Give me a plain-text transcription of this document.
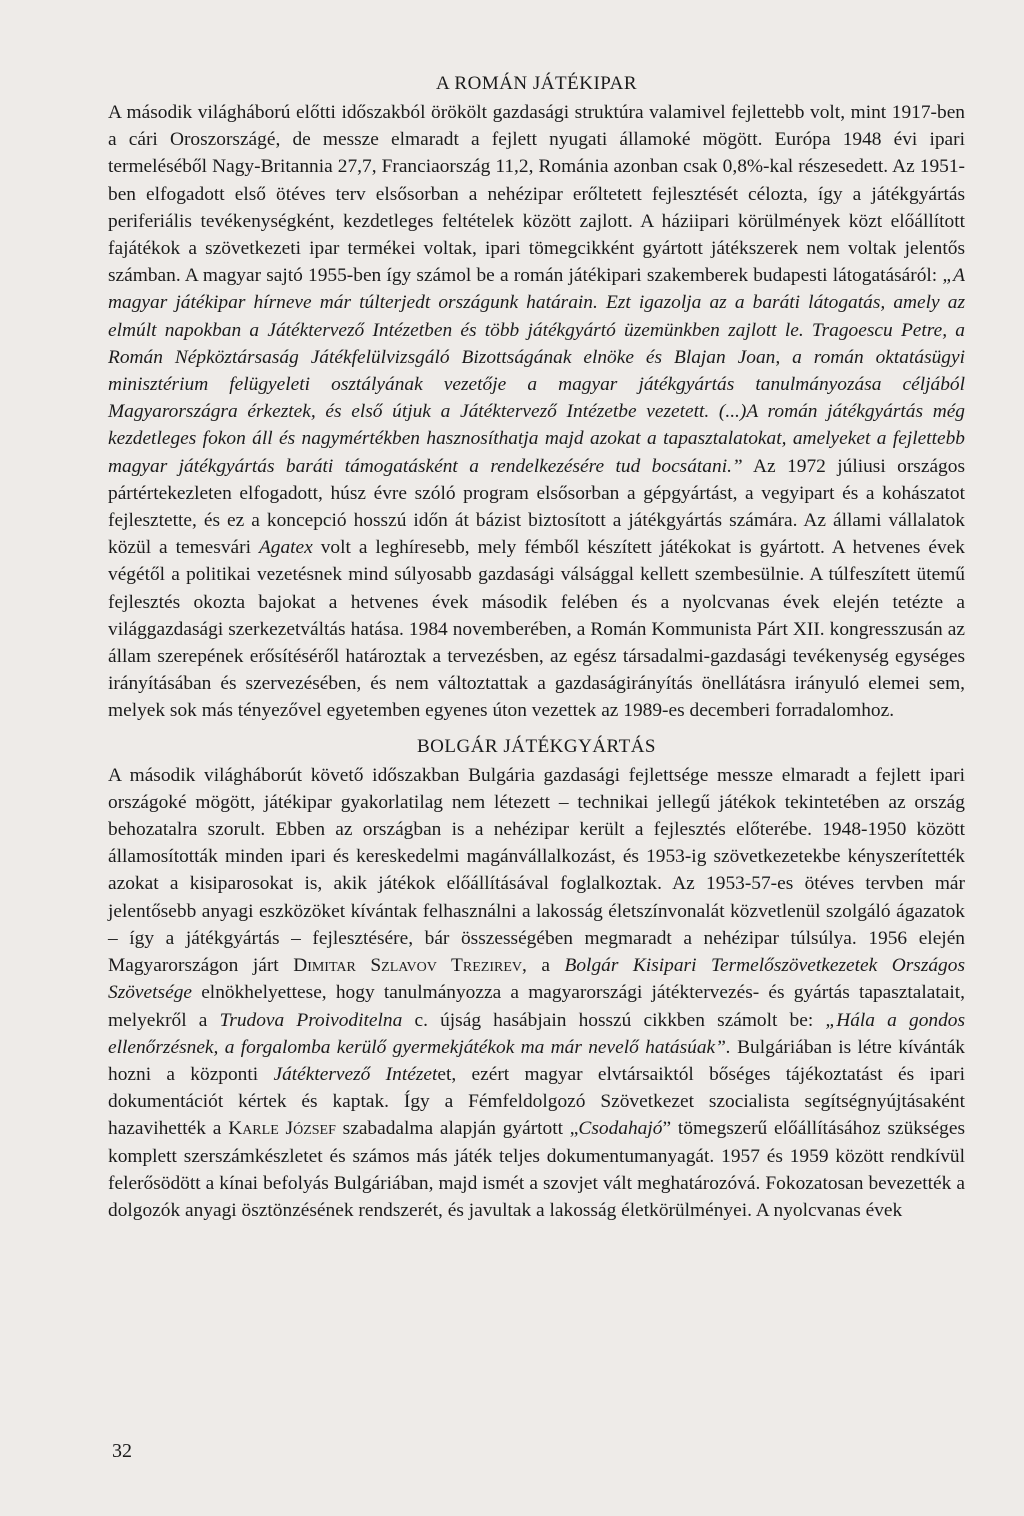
A ROMÁN JÁTÉKIPAR

A második világháború előtti időszakból örökölt gazdasági struktúra valamivel fejlettebb volt, mint 1917-ben a cári Oroszországé, de messze elmaradt a fejlett nyugati államoké mögött. Európa 1948 évi ipari termeléséből Nagy-Britannia 27,7, Franciaország 11,2, Románia azonban csak 0,8%-kal részesedett. Az 1951-ben elfogadott első ötéves terv elsősorban a nehézipar erőltetett fejlesztését célozta, így a játékgyártás periferiális tevékenységként, kezdetleges feltételek között zajlott. A háziipari körülmények közt előállított fajátékok a szövetkezeti ipar termékei voltak, ipari tömegcikként gyártott játékszerek nem voltak jelentős számban. A magyar sajtó 1955-ben így számol be a román játékipari szakemberek budapesti látogatásáról: „A magyar játékipar hírneve már túlterjedt országunk határain. Ezt igazolja az a baráti látogatás, amely az elmúlt napokban a Játéktervező Intézetben és több játékgyártó üzemünkben zajlott le. Tragoescu Petre, a Román Népköztársaság Játékfelülvizsgáló Bizottságának elnöke és Blajan Joan, a román oktatásügyi minisztérium felügyeleti osztályának vezetője a magyar játékgyártás tanulmányozása céljából Magyarországra érkeztek, és első útjuk a Játéktervező Intézetbe vezetett. (...)A román játékgyártás még kezdetleges fokon áll és nagymértékben hasznosíthatja majd azokat a tapasztalatokat, amelyeket a fejlettebb magyar játékgyártás baráti támogatásként a rendelkezésére tud bocsátani.” Az 1972 júliusi országos pártértekezleten elfogadott, húsz évre szóló program elsősorban a gépgyártást, a vegyipart és a kohászatot fejlesztette, és ez a koncepció hosszú időn át bázist biztosított a játékgyártás számára. Az állami vállalatok közül a temesvári Agatex volt a leghíresebb, mely fémből készített játékokat is gyártott. A hetvenes évek végétől a politikai vezetésnek mind súlyosabb gazdasági válsággal kellett szembesülnie. A túlfeszített ütemű fejlesztés okozta bajokat a hetvenes évek második felében és a nyolcvanas évek elején tetézte a világgazdasági szerkezetváltás hatása. 1984 novemberében, a Román Kommunista Párt XII. kongresszusán az állam szerepének erősítéséről határoztak a tervezésben, az egész társadalmi-gazdasági tevékenység egységes irányításában és szervezésében, és nem változtattak a gazdaságirányítás önellátásra irányuló elemei sem, melyek sok más tényezővel egyetemben egyenes úton vezettek az 1989-es decemberi forradalomhoz.

BOLGÁR JÁTÉKGYÁRTÁS

A második világháborút követő időszakban Bulgária gazdasági fejlettsége messze elmaradt a fejlett ipari országoké mögött, játékipar gyakorlatilag nem létezett – technikai jellegű játékok tekintetében az ország behozatalra szorult. Ebben az országban is a nehézipar került a fejlesztés előterébe. 1948-1950 között államosították minden ipari és kereskedelmi magánvállalkozást, és 1953-ig szövetkezetekbe kényszerítették azokat a kisiparosokat is, akik játékok előállításával foglalkoztak. Az 1953-57-es ötéves tervben már jelentősebb anyagi eszközöket kívántak felhasználni a lakosság életszínvonalát közvetlenül szolgáló ágazatok – így a játékgyártás – fejlesztésére, bár összességében megmaradt a nehézipar túlsúlya. 1956 elején Magyarországon járt Dimitar Szlavov Trezirev, a Bolgár Kisipari Termelőszövetkezetek Országos Szövetsége elnökhelyettese, hogy tanulmányozza a magyarországi játéktervezés- és gyártás tapasztalatait, melyekről a Trudova Proivoditelna c. újság hasábjain hosszú cikkben számolt be: „Hála a gondos ellenőrzésnek, a forgalomba kerülő gyermekjátékok ma már nevelő hatásúak”. Bulgáriában is létre kívánták hozni a központi Játéktervező Intézetet, ezért magyar elvtársaiktól bőséges tájékoztatást és ipari dokumentációt kértek és kaptak. Így a Fémfeldolgozó Szövetkezet szocialista segítségnyújtásaként hazavihették a Karle József szabadalma alapján gyártott „Csodahajó” tömegszerű előállításához szükséges komplett szerszámkészletet és számos más játék teljes dokumentumanyagát. 1957 és 1959 között rendkívül felerősödött a kínai befolyás Bulgáriában, majd ismét a szovjet vált meghatározóvá. Fokozatosan bevezették a dolgozók anyagi ösztönzésének rendszerét, és javultak a lakosság életkörülményei. A nyolcvanas évek

32
